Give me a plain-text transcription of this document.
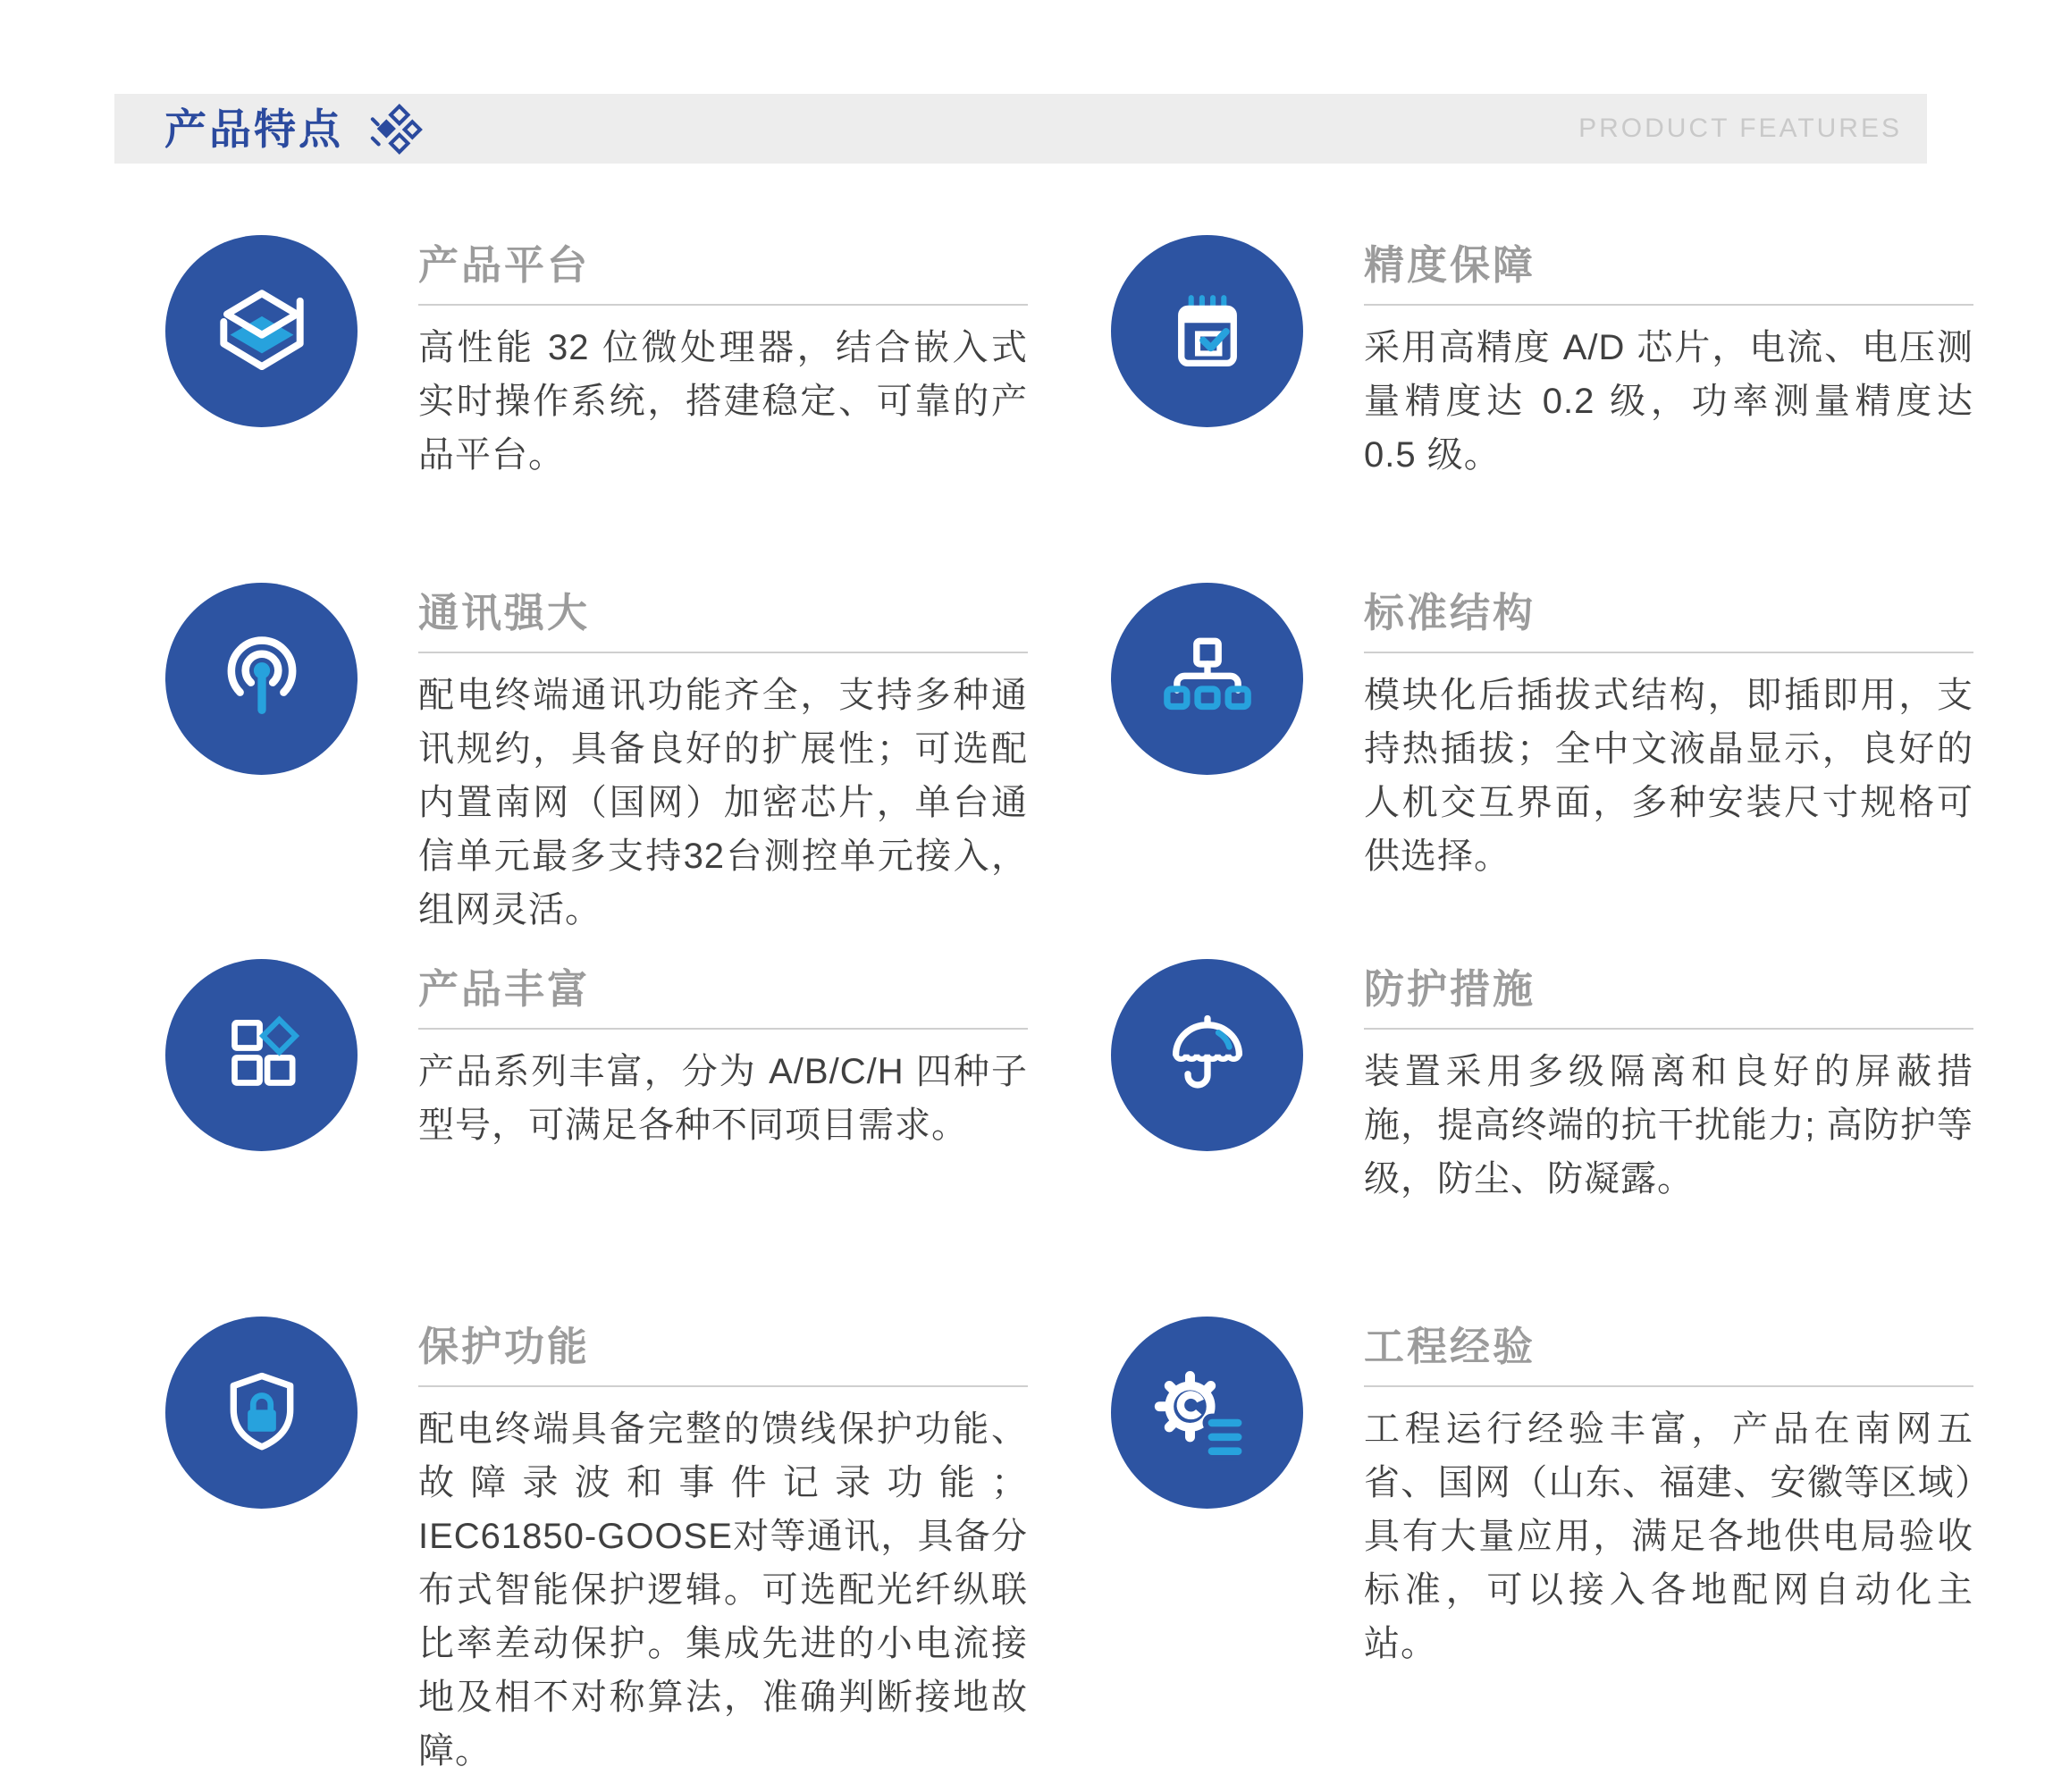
产品特点	PRODUCT FEATURES
产品平台

高性能 32 位微处理器，结合嵌入式实时操作系统，搭建稳定、可靠的产品平台。

精度保障

采用高精度 A/D 芯片，电流、电压测量精度达 0.2 级，功率测量精度达 0.5 级。

通讯强大

配电终端通讯功能齐全，支持多种通讯规约，具备良好的扩展性；可选配内置南网（国网）加密芯片，单台通信单元最多支持32台测控单元接入，组网灵活。

标准结构

模块化后插拔式结构，即插即用，支持热插拔；全中文液晶显示，良好的人机交互界面，多种安装尺寸规格可供选择。

产品丰富

产品系列丰富，分为 A/B/C/H 四种子型号，可满足各种不同项目需求。

防护措施

装置采用多级隔离和良好的屏蔽措施，提高终端的抗干扰能力; 高防护等级，防尘、防凝露。

保护功能

配电终端具备完整的馈线保护功能、故障录波和事件记录功能；IEC61850-GOOSE对等通讯，具备分布式智能保护逻辑。可选配光纤纵联比率差动保护。集成先进的小电流接地及相不对称算法，准确判断接地故障。

工程经验

工程运行经验丰富，产品在南网五省、国网（山东、福建、安徽等区域）具有大量应用，满足各地供电局验收标准，可以接入各地配网自动化主站。
